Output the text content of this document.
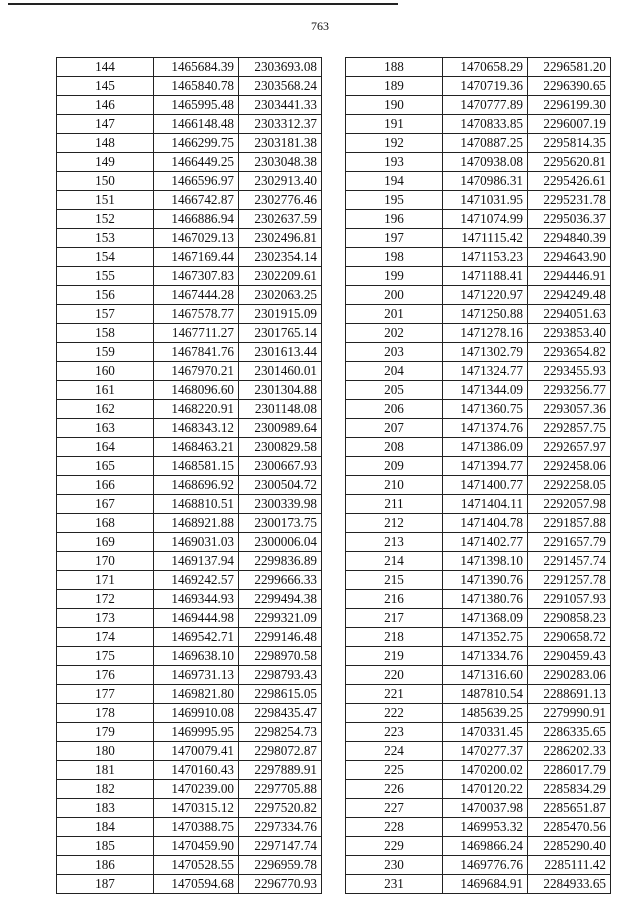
763
144	1465684.39	2303693.08
145	1465840.78	2303568.24
146	1465995.48	2303441.33
147	1466148.48	2303312.37
148	1466299.75	2303181.38
149	1466449.25	2303048.38
150	1466596.97	2302913.40
151	1466742.87	2302776.46
152	1466886.94	2302637.59
153	1467029.13	2302496.81
154	1467169.44	2302354.14
155	1467307.83	2302209.61
156	1467444.28	2302063.25
157	1467578.77	2301915.09
158	1467711.27	2301765.14
159	1467841.76	2301613.44
160	1467970.21	2301460.01
161	1468096.60	2301304.88
162	1468220.91	2301148.08
163	1468343.12	2300989.64
164	1468463.21	2300829.58
165	1468581.15	2300667.93
166	1468696.92	2300504.72
167	1468810.51	2300339.98
168	1468921.88	2300173.75
169	1469031.03	2300006.04
170	1469137.94	2299836.89
171	1469242.57	2299666.33
172	1469344.93	2299494.38
173	1469444.98	2299321.09
174	1469542.71	2299146.48
175	1469638.10	2298970.58
176	1469731.13	2298793.43
177	1469821.80	2298615.05
178	1469910.08	2298435.47
179	1469995.95	2298254.73
180	1470079.41	2298072.87
181	1470160.43	2297889.91
182	1470239.00	2297705.88
183	1470315.12	2297520.82
184	1470388.75	2297334.76
185	1470459.90	2297147.74
186	1470528.55	2296959.78
187	1470594.68	2296770.93
188	1470658.29	2296581.20
189	1470719.36	2296390.65
190	1470777.89	2296199.30
191	1470833.85	2296007.19
192	1470887.25	2295814.35
193	1470938.08	2295620.81
194	1470986.31	2295426.61
195	1471031.95	2295231.78
196	1471074.99	2295036.37
197	1471115.42	2294840.39
198	1471153.23	2294643.90
199	1471188.41	2294446.91
200	1471220.97	2294249.48
201	1471250.88	2294051.63
202	1471278.16	2293853.40
203	1471302.79	2293654.82
204	1471324.77	2293455.93
205	1471344.09	2293256.77
206	1471360.75	2293057.36
207	1471374.76	2292857.75
208	1471386.09	2292657.97
209	1471394.77	2292458.06
210	1471400.77	2292258.05
211	1471404.11	2292057.98
212	1471404.78	2291857.88
213	1471402.77	2291657.79
214	1471398.10	2291457.74
215	1471390.76	2291257.78
216	1471380.76	2291057.93
217	1471368.09	2290858.23
218	1471352.75	2290658.72
219	1471334.76	2290459.43
220	1471316.60	2290283.06
221	1487810.54	2288691.13
222	1485639.25	2279990.91
223	1470331.45	2286335.65
224	1470277.37	2286202.33
225	1470200.02	2286017.79
226	1470120.22	2285834.29
227	1470037.98	2285651.87
228	1469953.32	2285470.56
229	1469866.24	2285290.40
230	1469776.76	2285111.42
231	1469684.91	2284933.65
